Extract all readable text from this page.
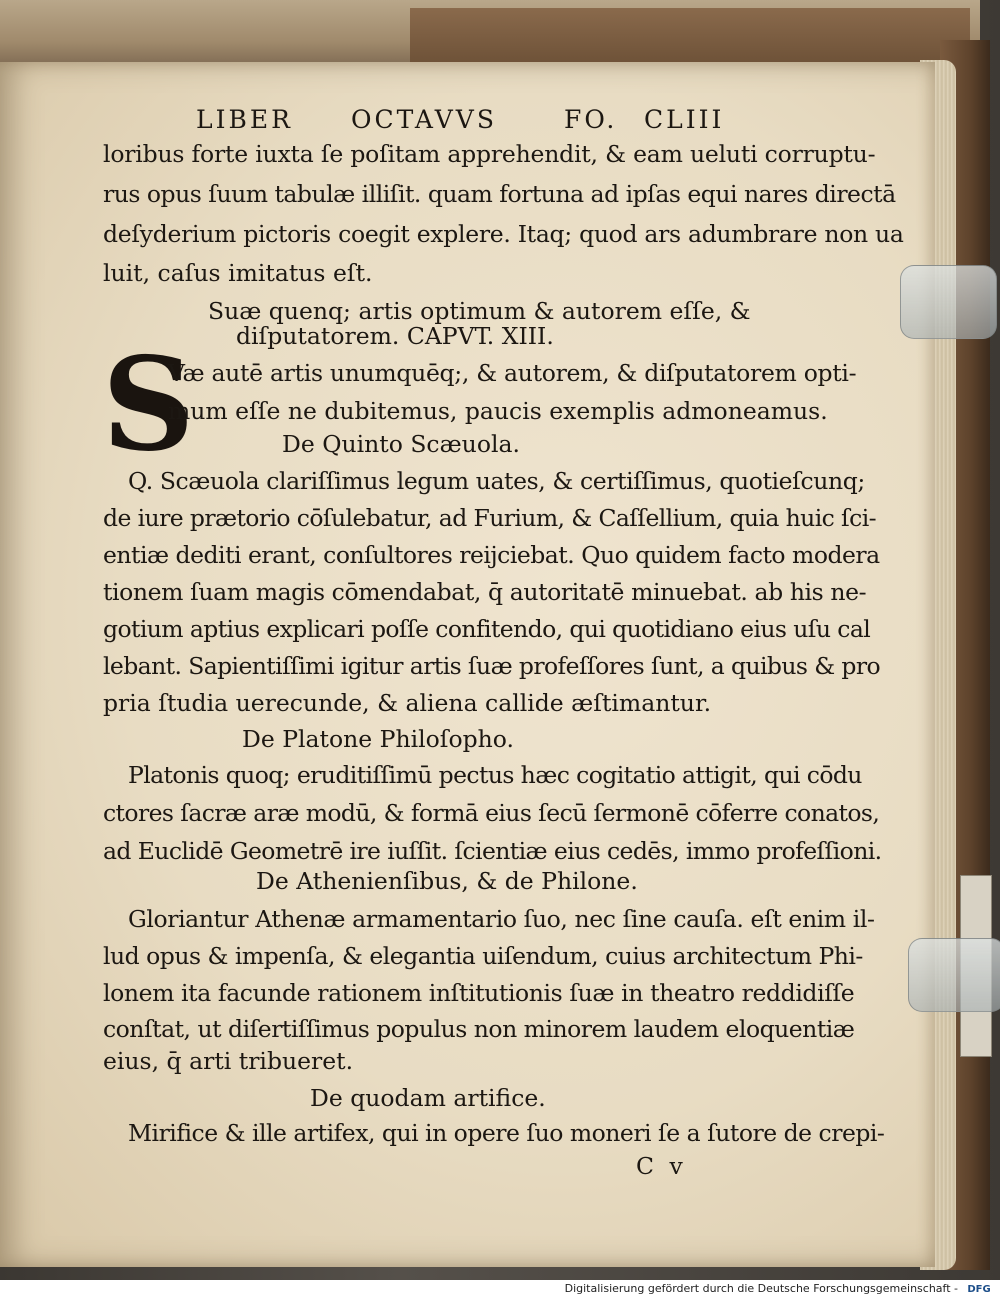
LIBER OCTAVVS	FO. CLIII
loribus forte iuxta ſe poſitam apprehendit, & eam ueluti corruptu-
rus opus ſuum tabulæ illiſit. quam fortuna ad ipſas equi nares directā
deſyderium pictoris coegit explere. Itaq; quod ars adumbrare non ua
luit, caſus imitatus eſt.
Suæ quenq; artis optimum & autorem eſſe, &
diſputatorem. CAPVT. XIII.
S
Væ autē artis unumquēq;, & autorem, & diſputatorem opti-
mum eſſe ne dubitemus, paucis exemplis admoneamus.
De Quinto Scæuola.
Q. Scæuola clariſſimus legum uates, & certiſſimus, quotieſcunq;
de iure prætorio cōſulebatur, ad Furium, & Caſſellium, quia huic ſci-
entiæ dediti erant, conſultores reijciebat. Quo quidem facto modera
tionem ſuam magis cōmendabat, q̄ autoritatē minuebat. ab his ne-
gotium aptius explicari poſſe confitendo, qui quotidiano eius uſu cal
lebant. Sapientiſſimi igitur artis ſuæ profeſſores ſunt, a quibus & pro
pria ſtudia uerecunde, & aliena callide æſtimantur.
De Platone Philoſopho.
Platonis quoq; eruditiſſimū pectus hæc cogitatio attigit, qui cōdu
ctores ſacræ aræ modū, & formā eius ſecū ſermonē cōferre conatos,
ad Euclidē Geometrē ire iuſſit. ſcientiæ eius cedēs, immo profeſſioni.
De Athenienſibus, & de Philone.
Gloriantur Athenæ armamentario ſuo, nec ſine cauſa. eſt enim il-
lud opus & impenſa, & elegantia uiſendum, cuius architectum Phi-
lonem ita facunde rationem inſtitutionis ſuæ in theatro reddidiſſe
conſtat, ut diſertiſſimus populus non minorem laudem eloquentiæ
eius, q̄ arti tribueret.
De quodam artifice.
Mirifice & ille artifex, qui in opere ſuo moneri ſe a ſutore de crepi-
C v
Digitalisierung gefördert durch die Deutsche Forschungsgemeinschaft - DFG
